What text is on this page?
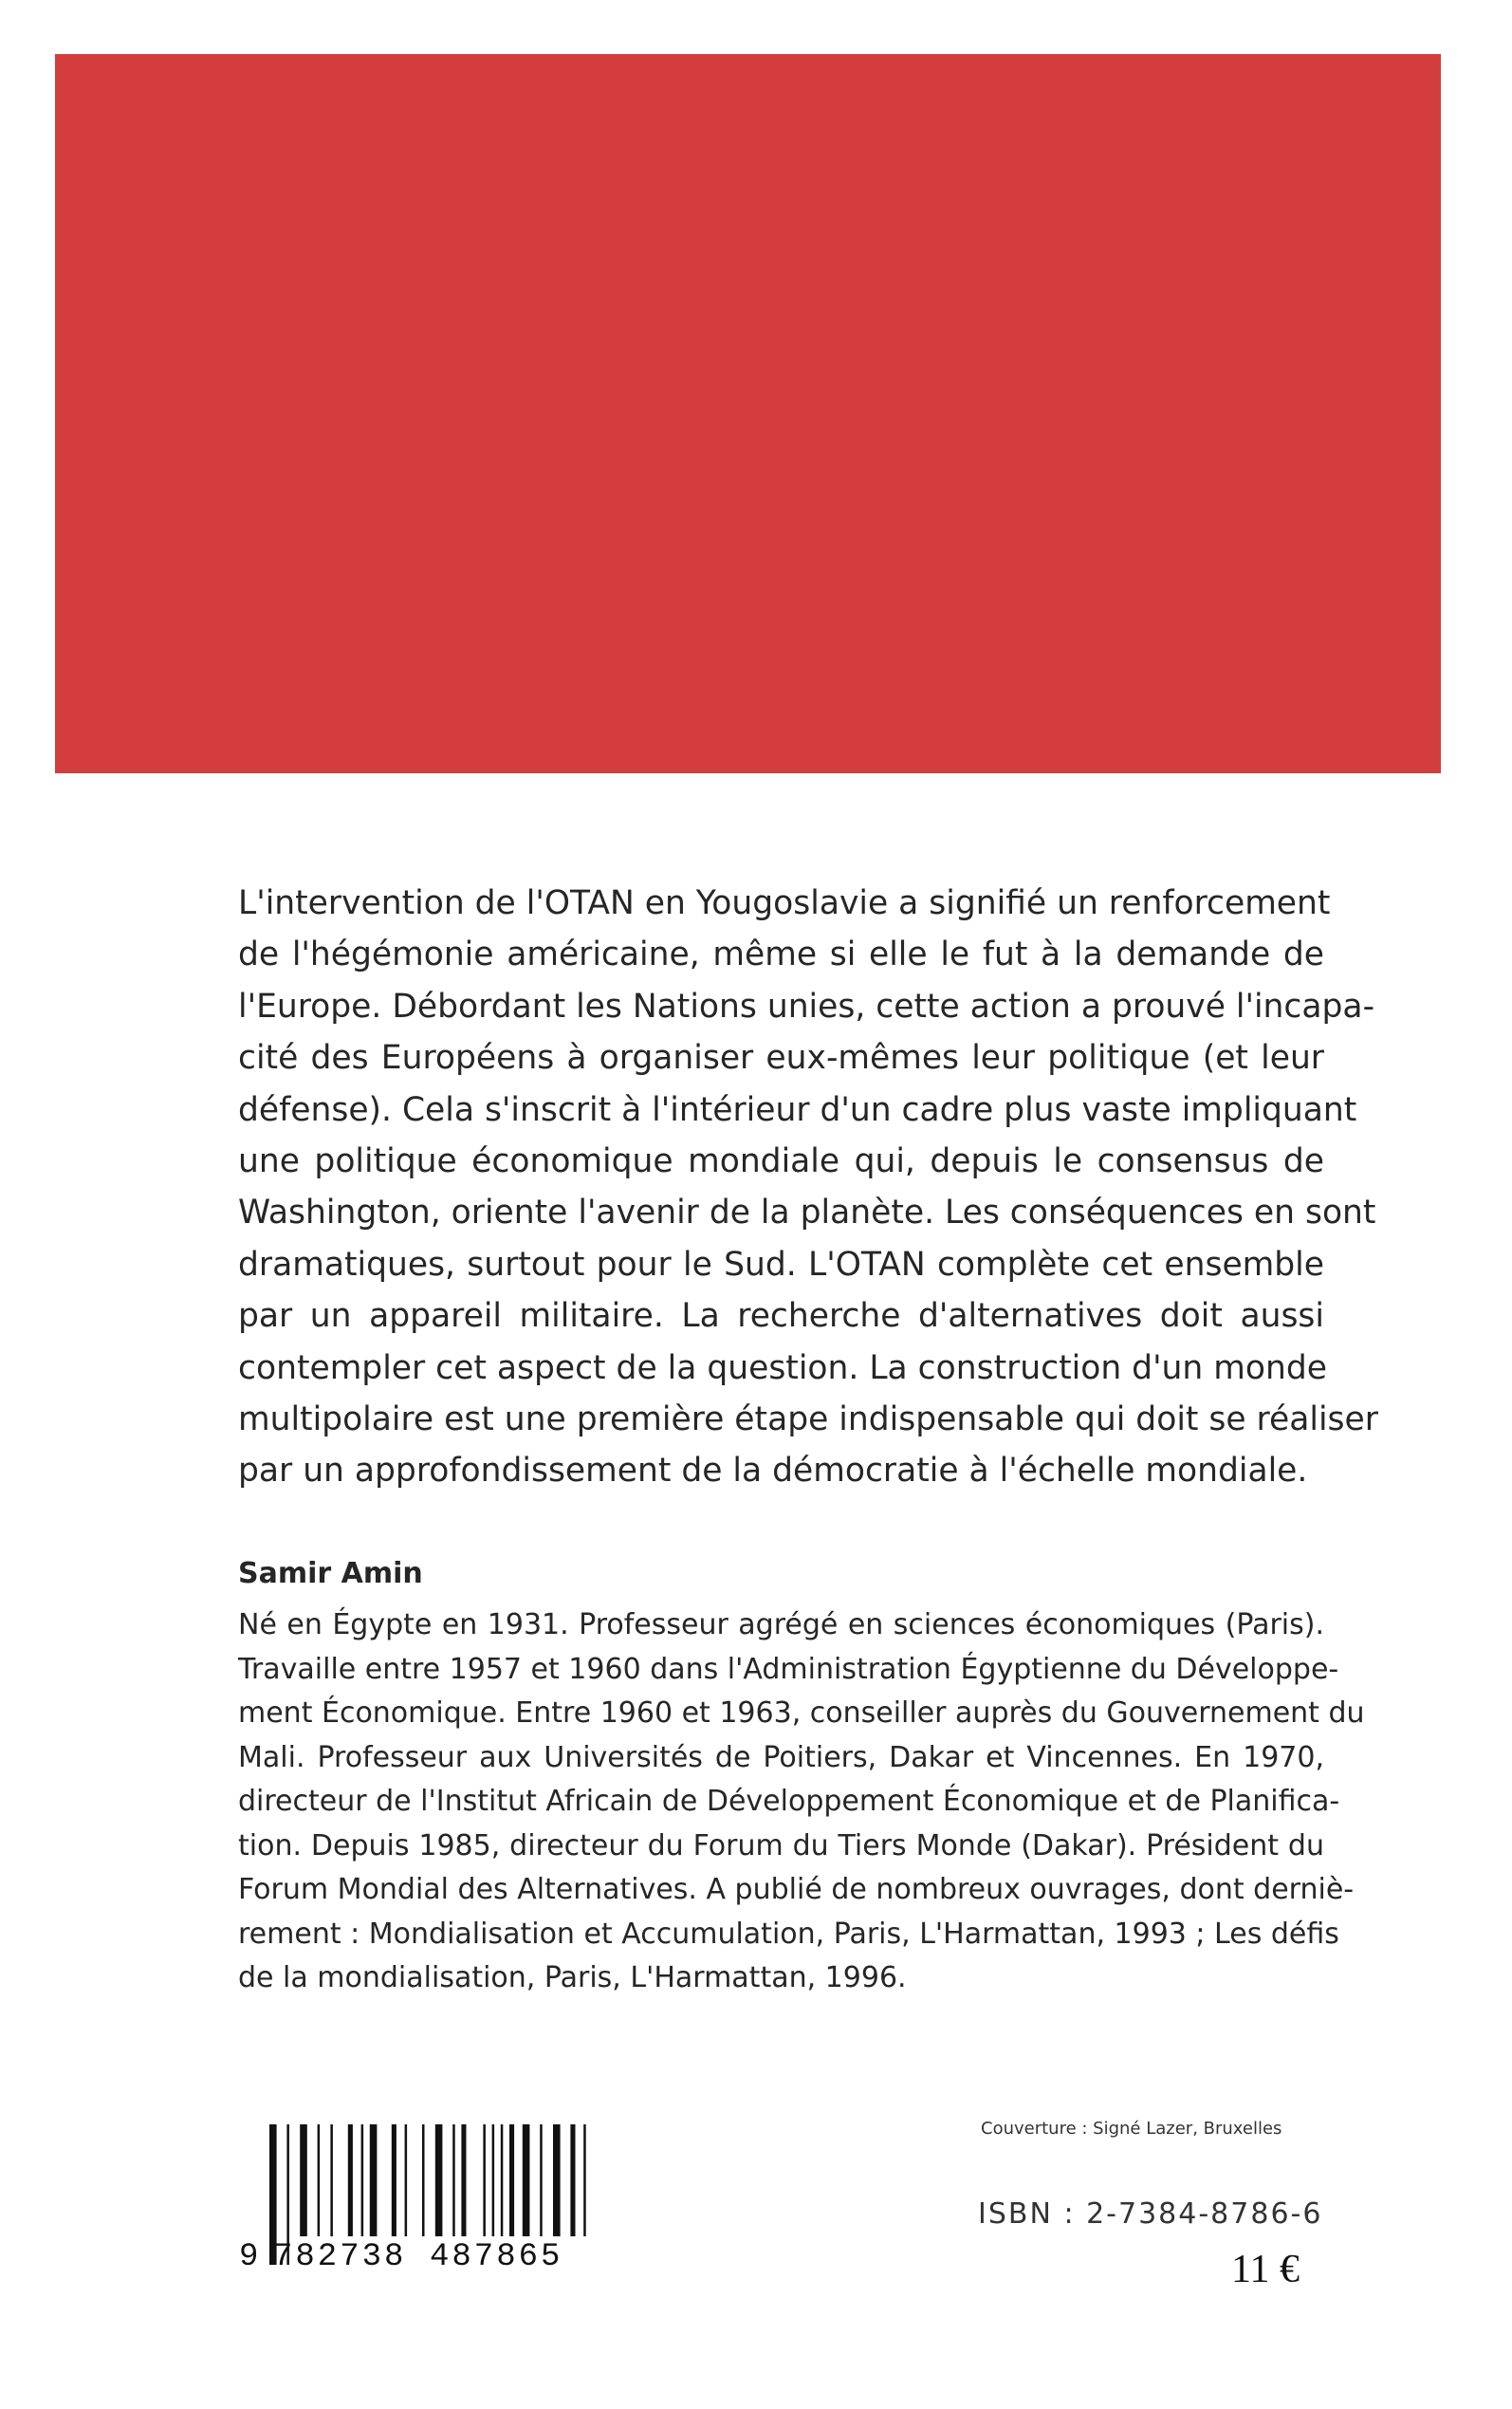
L'intervention de l'OTAN en Yougoslavie a signifié un renforcement
de l'hégémonie américaine, même si elle le fut à la demande de
l'Europe. Débordant les Nations unies, cette action a prouvé l'incapa-
cité des Européens à organiser eux-mêmes leur politique (et leur
défense). Cela s'inscrit à l'intérieur d'un cadre plus vaste impliquant
une politique économique mondiale qui, depuis le consensus de
Washington, oriente l'avenir de la planète. Les conséquences en sont
dramatiques, surtout pour le Sud. L'OTAN complète cet ensemble
par un appareil militaire. La recherche d'alternatives doit aussi
contempler cet aspect de la question. La construction d'un monde
multipolaire est une première étape indispensable qui doit se réaliser
par un approfondissement de la démocratie à l'échelle mondiale.

Samir Amin

Né en Égypte en 1931. Professeur agrégé en sciences économiques (Paris).
Travaille entre 1957 et 1960 dans l'Administration Égyptienne du Développe-
ment Économique. Entre 1960 et 1963, conseiller auprès du Gouvernement du
Mali. Professeur aux Universités de Poitiers, Dakar et Vincennes. En 1970,
directeur de l'Institut Africain de Développement Économique et de Planifica-
tion. Depuis 1985, directeur du Forum du Tiers Monde (Dakar). Président du
Forum Mondial des Alternatives. A publié de nombreux ouvrages, dont derniè-
rement : Mondialisation et Accumulation, Paris, L'Harmattan, 1993 ; Les défis
de la mondialisation, Paris, L'Harmattan, 1996.

9 782738 487865

Couverture : Signé Lazer, Bruxelles

ISBN : 2-7384-8786-6

11 €
